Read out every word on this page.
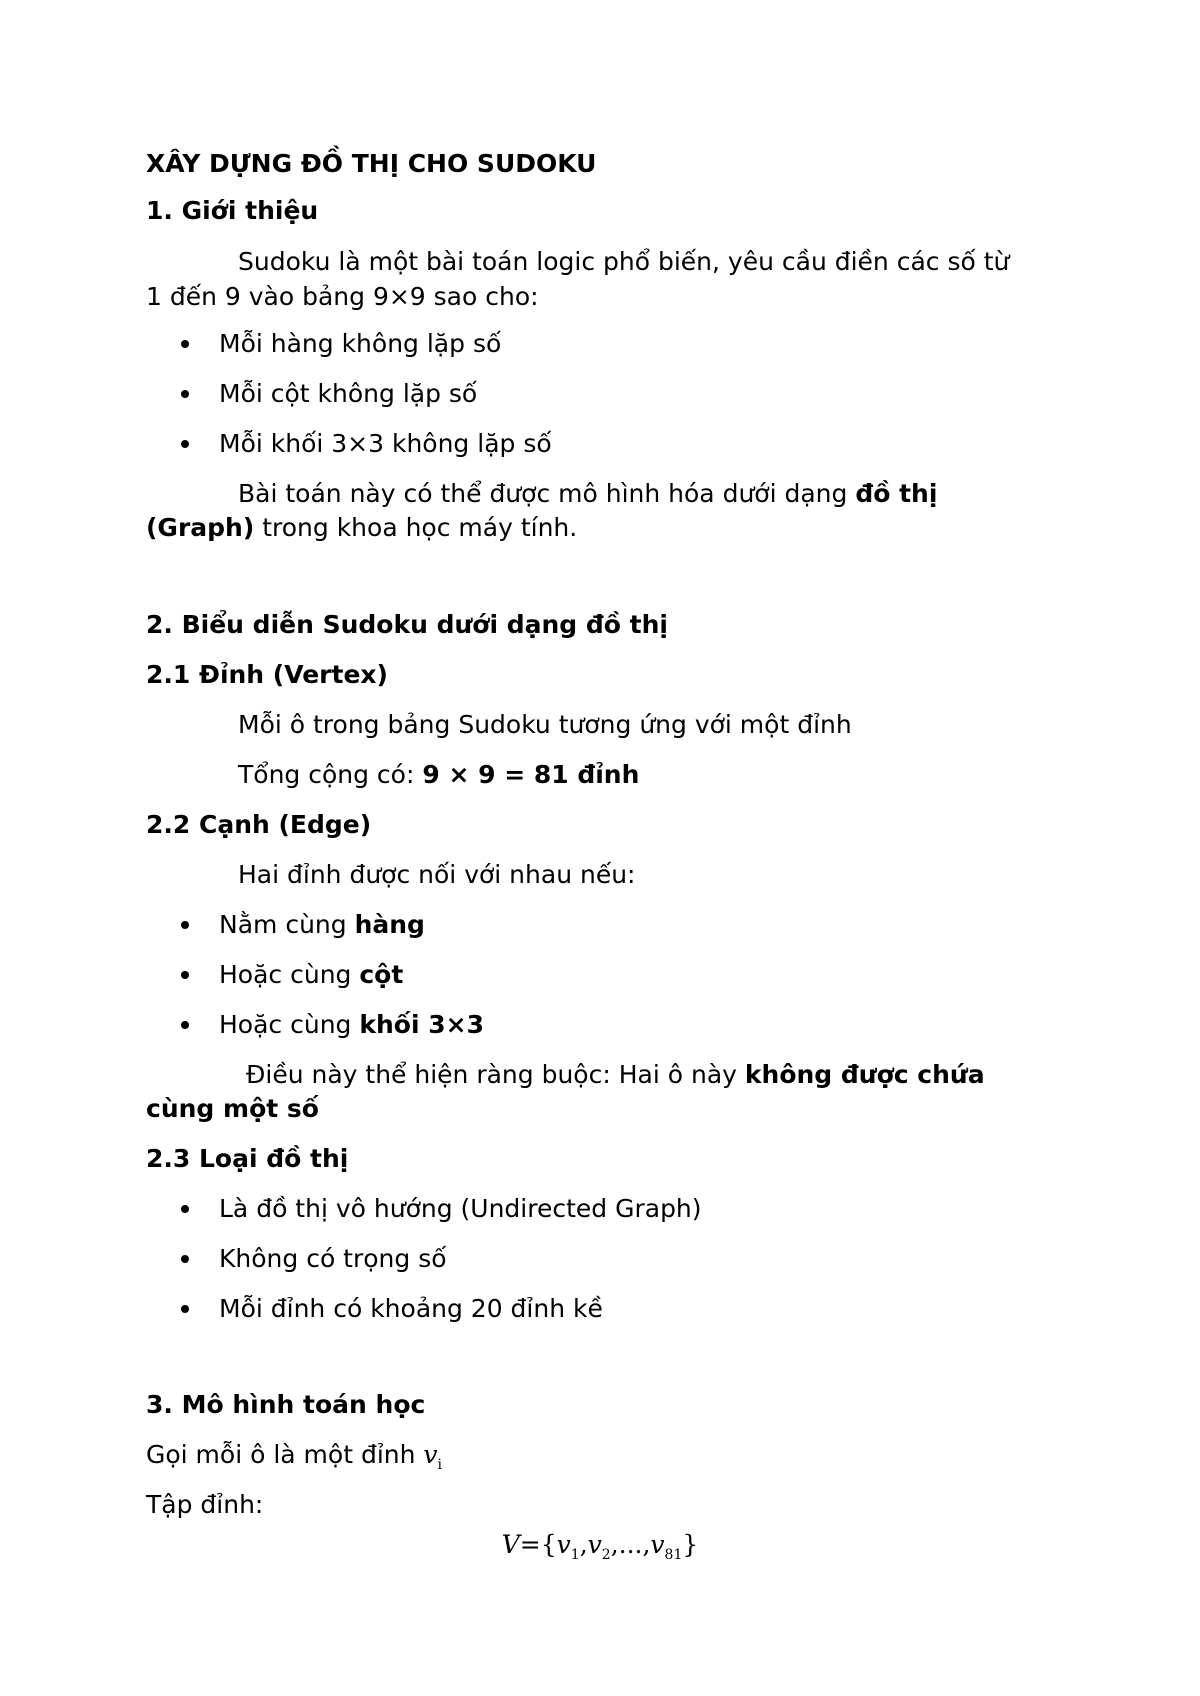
XÂY DỰNG ĐỒ THỊ CHO SUDOKU
1. Giới thiệu
Sudoku là một bài toán logic phổ biến, yêu cầu điền các số từ
1 đến 9 vào bảng 9×9 sao cho:
Mỗi hàng không lặp số
Mỗi cột không lặp số
Mỗi khối 3×3 không lặp số
Bài toán này có thể được mô hình hóa dưới dạng đồ thị
(Graph) trong khoa học máy tính.
2. Biểu diễn Sudoku dưới dạng đồ thị
2.1 Đỉnh (Vertex)
Mỗi ô trong bảng Sudoku tương ứng với một đỉnh
Tổng cộng có: 9 × 9 = 81 đỉnh
2.2 Cạnh (Edge)
Hai đỉnh được nối với nhau nếu:
Nằm cùng hàng
Hoặc cùng cột
Hoặc cùng khối 3×3
Điều này thể hiện ràng buộc: Hai ô này không được chứa
cùng một số
2.3 Loại đồ thị
Là đồ thị vô hướng (Undirected Graph)
Không có trọng số
Mỗi đỉnh có khoảng 20 đỉnh kề
3. Mô hình toán học
Gọi mỗi ô là một đỉnh $v_i$
Tập đỉnh:
$V=\{v_1,v_2,...,v_{81}\}$
